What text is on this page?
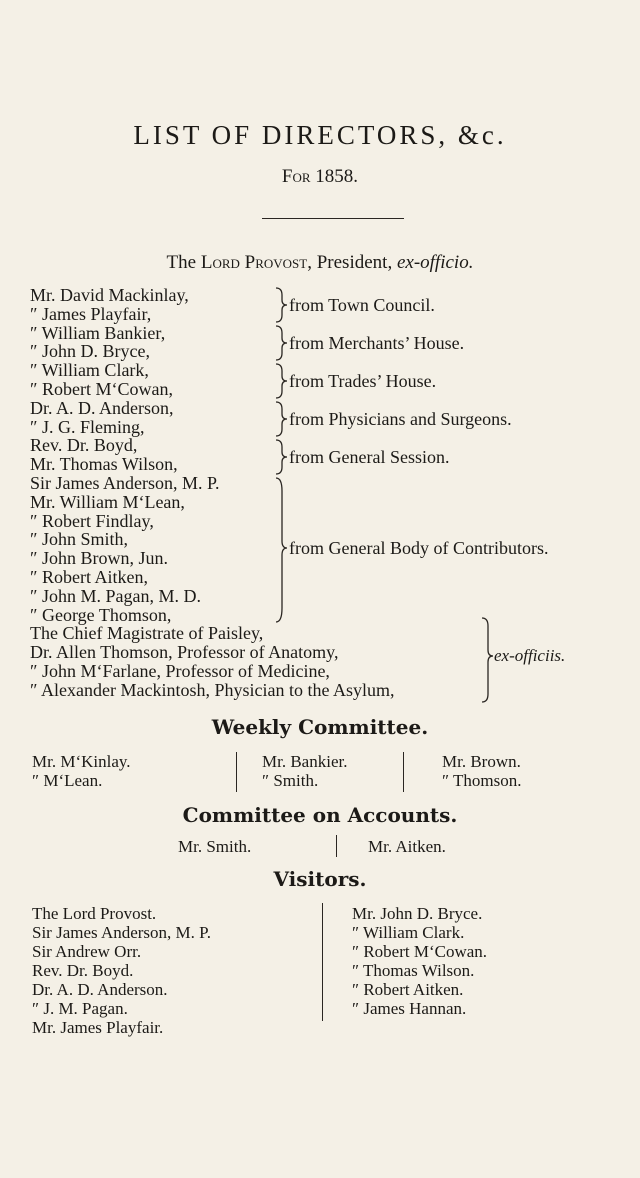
LIST OF DIRECTORS, &c.
For 1858.
The Lord Provost, President, ex-officio.
Mr. David Mackinlay,
″ James Playfair,
″ William Bankier,
″ John D. Bryce,
″ William Clark,
″ Robert M‘Cowan,
Dr. A. D. Anderson,
″ J. G. Fleming,
Rev. Dr. Boyd,
Mr. Thomas Wilson,
Sir James Anderson, M. P.
Mr. William M‘Lean,
″ Robert Findlay,
″ John Smith,
″ John Brown, Jun.
″ Robert Aitken,
″ John M. Pagan, M. D.
″ George Thomson,
from Town Council.
from Merchants’ House.
from Trades’ House.
from Physicians and Surgeons.
from General Session.
from General Body of Contributors.
The Chief Magistrate of Paisley,
Dr. Allen Thomson, Professor of Anatomy,
″ John M‘Farlane, Professor of Medicine,
″ Alexander Mackintosh, Physician to the Asylum,
ex-officiis.
Weekly Committee.
Mr. M‘Kinlay.
″ M‘Lean.
Mr. Bankier.
″ Smith.
Mr. Brown.
″ Thomson.
Committee on Accounts.
Mr. Smith.	Mr. Aitken.
Visitors.
The Lord Provost.
Sir James Anderson, M. P.
Sir Andrew Orr.
Rev. Dr. Boyd.
Dr. A. D. Anderson.
″ J. M. Pagan.
Mr. James Playfair.
Mr. John D. Bryce.
″ William Clark.
″ Robert M‘Cowan.
″ Thomas Wilson.
″ Robert Aitken.
″ James Hannan.
